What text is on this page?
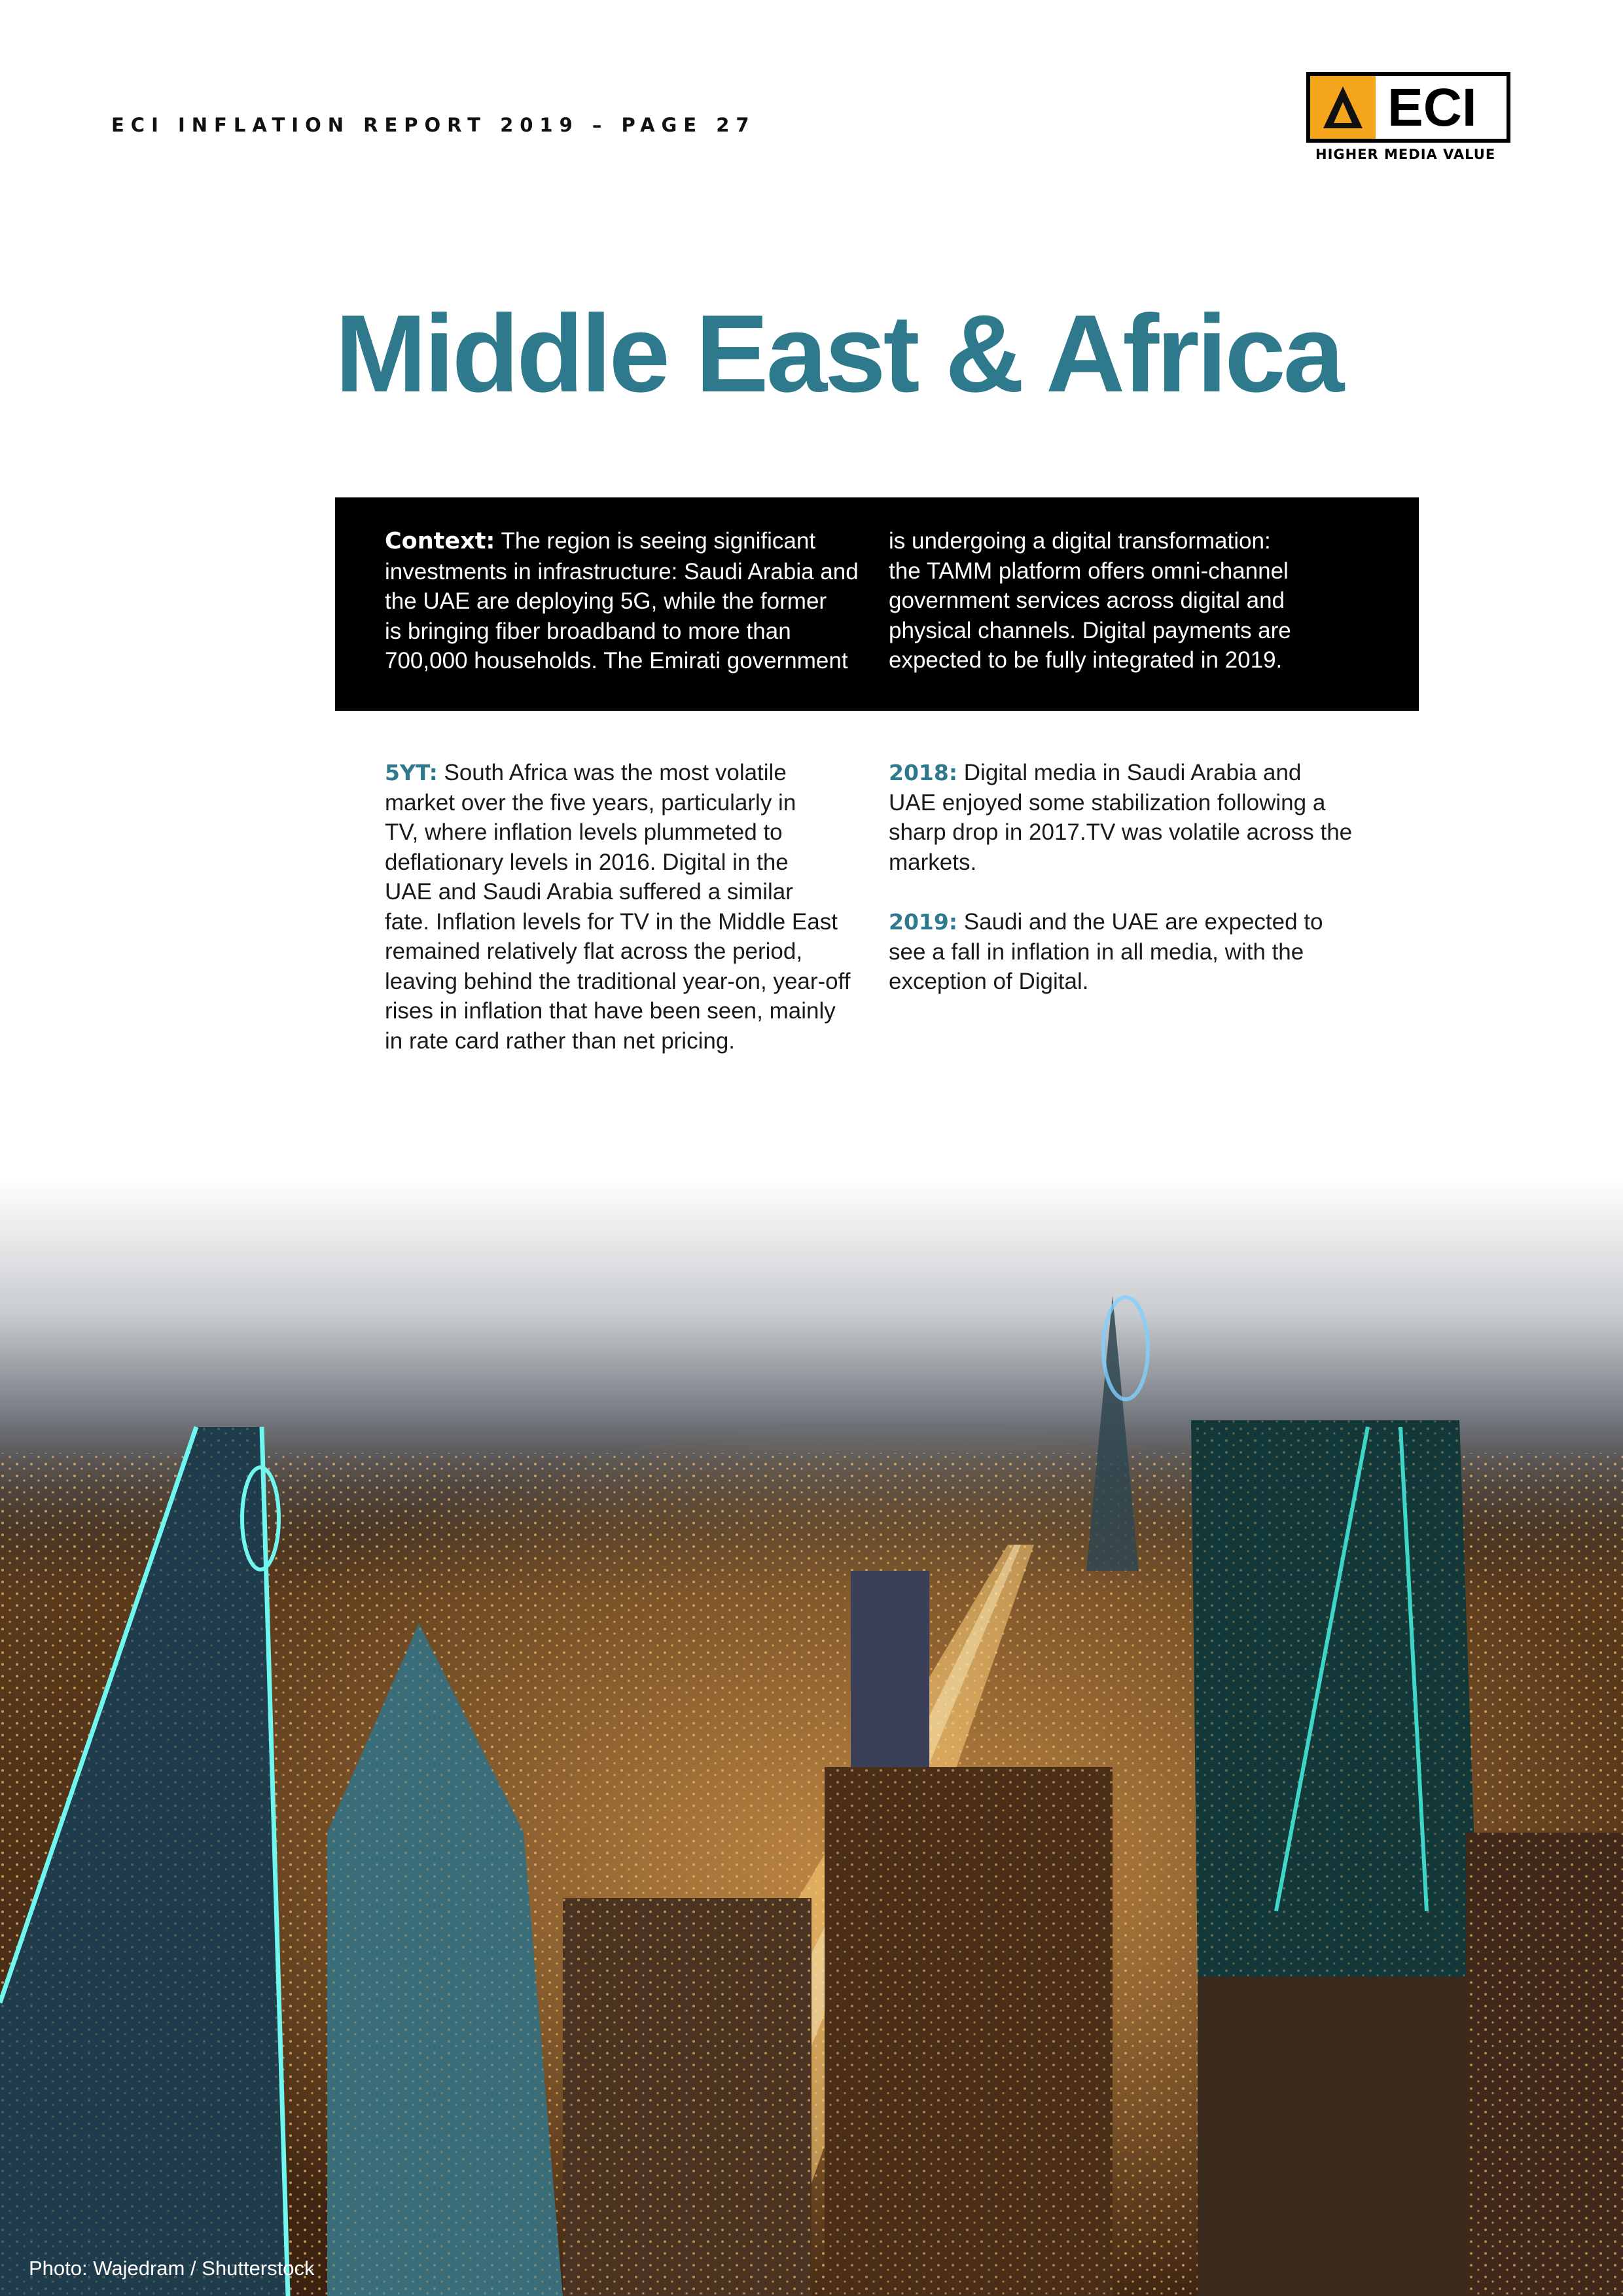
ECI INFLATION REPORT 2019 – PAGE 27	ECI
HIGHER MEDIA VALUE
Middle East & Africa
Context: The region is seeing significant
investments in infrastructure: Saudi Arabia and
the UAE are deploying 5G, while the former
is bringing fiber broadband to more than
700,000 households. The Emirati government
is undergoing a digital transformation:
the TAMM platform offers omni-channel
government services across digital and
physical channels. Digital payments are
expected to be fully integrated in 2019.
5YT: South Africa was the most volatile
market over the five years, particularly in
TV, where inflation levels plummeted to
deflationary levels in 2016. Digital in the
UAE and Saudi Arabia suffered a similar
fate. Inflation levels for TV in the Middle East
remained relatively flat across the period,
leaving behind the traditional year-on, year-off
rises in inflation that have been seen, mainly
in rate card rather than net pricing.
2018: Digital media in Saudi Arabia and
UAE enjoyed some stabilization following a
sharp drop in 2017.TV was volatile across the
markets.
2019: Saudi and the UAE are expected to
see a fall in inflation in all media, with the
exception of Digital.
Photo: Wajedram / Shutterstock
